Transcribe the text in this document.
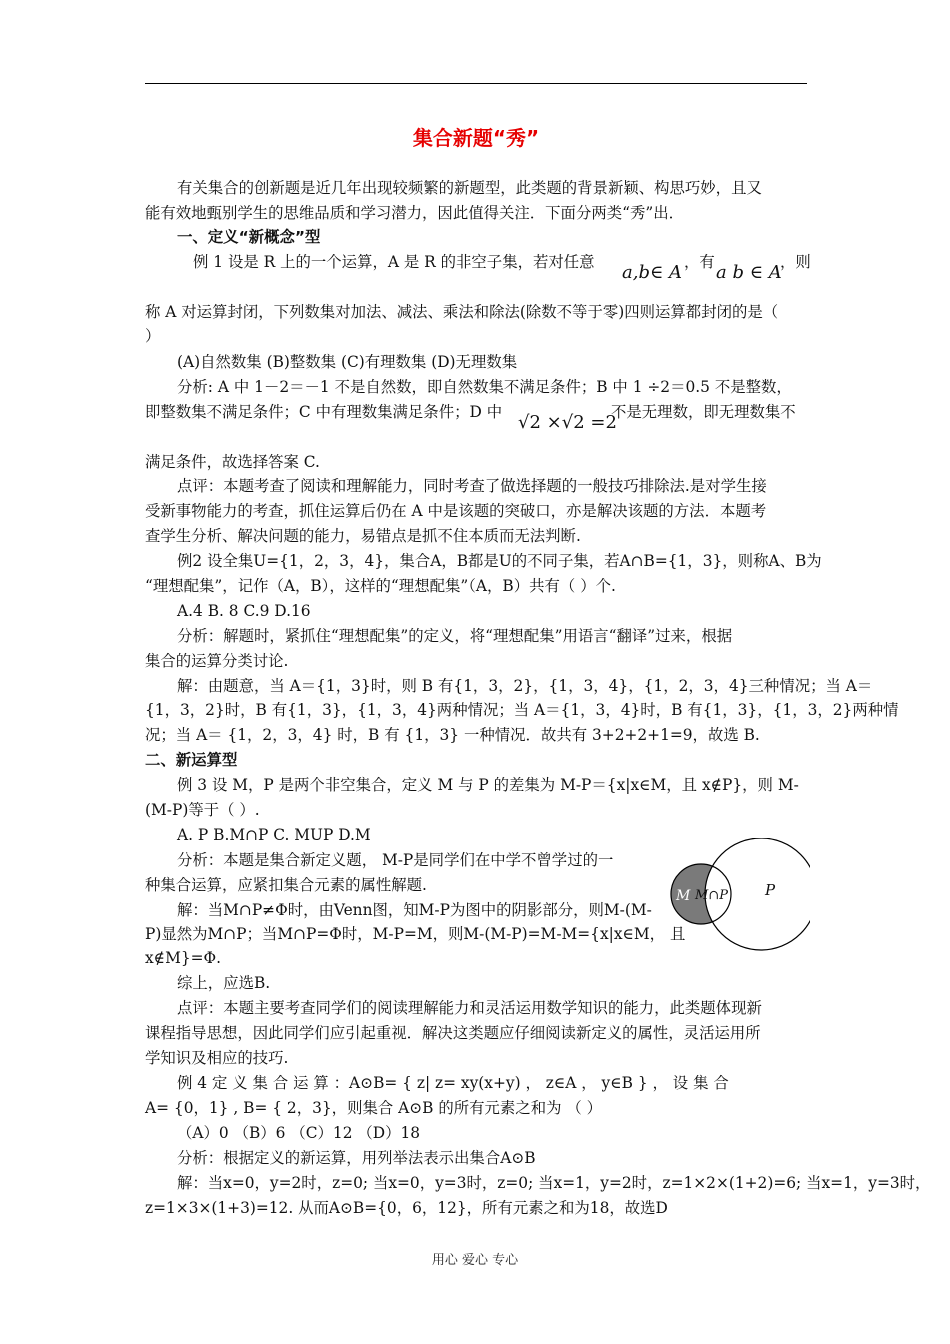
集合新题“秀”
有关集合的创新题是近几年出现较频繁的新题型，此类题的背景新颖、构思巧妙，且又
能有效地甄别学生的思维品质和学习潜力，因此值得关注．下面分两类“秀”出．
一、定义“新概念”型
例 1 设是 R 上的一个运算，A 是 R 的非空子集，若对任意 a,b∈ A ，有 a b ∈ A
，则
称 A 对运算封闭，下列数集对加法、减法、乘法和除法(除数不等于零)四则运算都封闭的是（
）
(A)自然数集 (B)整数集 (C)有理数集 (D)无理数集
分析: A 中 1－2＝－1 不是自然数，即自然数集不满足条件；B 中 1 ÷2＝0.5 不是整数，
即整数集不满足条件；C 中有理数集满足条件；D 中 √2 ×√2 =2
不是无理数，即无理数集不
满足条件，故选择答案 C.
点评：本题考查了阅读和理解能力，同时考查了做选择题的一般技巧排除法.是对学生接
受新事物能力的考查，抓住运算后仍在 A 中是该题的突破口，亦是解决该题的方法．本题考
查学生分析、解决问题的能力，易错点是抓不住本质而无法判断.
例2 设全集U={1，2，3，4}，集合A，B都是U的不同子集，若A∩B={1，3}，则称A、B为
“理想配集”，记作（A，B），这样的“理想配集”（A，B）共有（ ）个.
A.4 B. 8 C.9 D.16
分析：解题时，紧抓住“理想配集”的定义，将“理想配集”用语言“翻译”过来，根据
集合的运算分类讨论.
解：由题意，当 A＝{1，3}时，则 B 有{1，3，2}，{1，3，4}，{1，2，3，4}三种情况；当 A＝
{1，3，2}时，B 有{1，3}，{1，3，4}两种情况；当 A＝{1，3，4}时，B 有{1，3}，{1，3，2}两种情
况；当 A＝ {1，2，3，4} 时，B 有 {1，3} 一种情况．故共有 3+2+2+1=9，故选 B.
二、新运算型
例 3 设 M，P 是两个非空集合，定义 M 与 P 的差集为 M-P＝{x|x∈M，且 x∉P}，则 M-
(M-P)等于（ ）.
A. P B.M∩P C. MUP D.M
分析：本题是集合新定义题， M-P是同学们在中学不曾学过的一
种集合运算，应紧扣集合元素的属性解题.
解：当M∩P≠Φ时，由Venn图，知M-P为图中的阴影部分，则M-(M-
P)显然为M∩P；当M∩P=Φ时，M-P=M，则M-(M-P)=M-M={x|x∈M， 且
x∉M}=Φ.
M M∩P P
综上，应选B.
点评：本题主要考查同学们的阅读理解能力和灵活运用数学知识的能力，此类题体现新
课程指导思想，因此同学们应引起重视．解决这类题应仔细阅读新定义的属性，灵活运用所
学知识及相应的技巧.
例 4 定 义 集 合 运 算 ：A⊙B= { z| z= xy(x+y) ， z∈A ， y∈B } ， 设 集 合
A= {0，1} , B= { 2，3}，则集合 A⊙B 的所有元素之和为 （ ）
（A）0 （B）6 （C）12 （D）18
分析：根据定义的新运算，用列举法表示出集合A⊙B
解：当x=0，y=2时，z=0; 当x=0，y=3时，z=0; 当x=1，y=2时，z=1×2×(1+2)=6; 当x=1，y=3时，
z=1×3×(1+3)=12. 从而A⊙B={0，6，12}，所有元素之和为18，故选D
用心 爱心 专心
